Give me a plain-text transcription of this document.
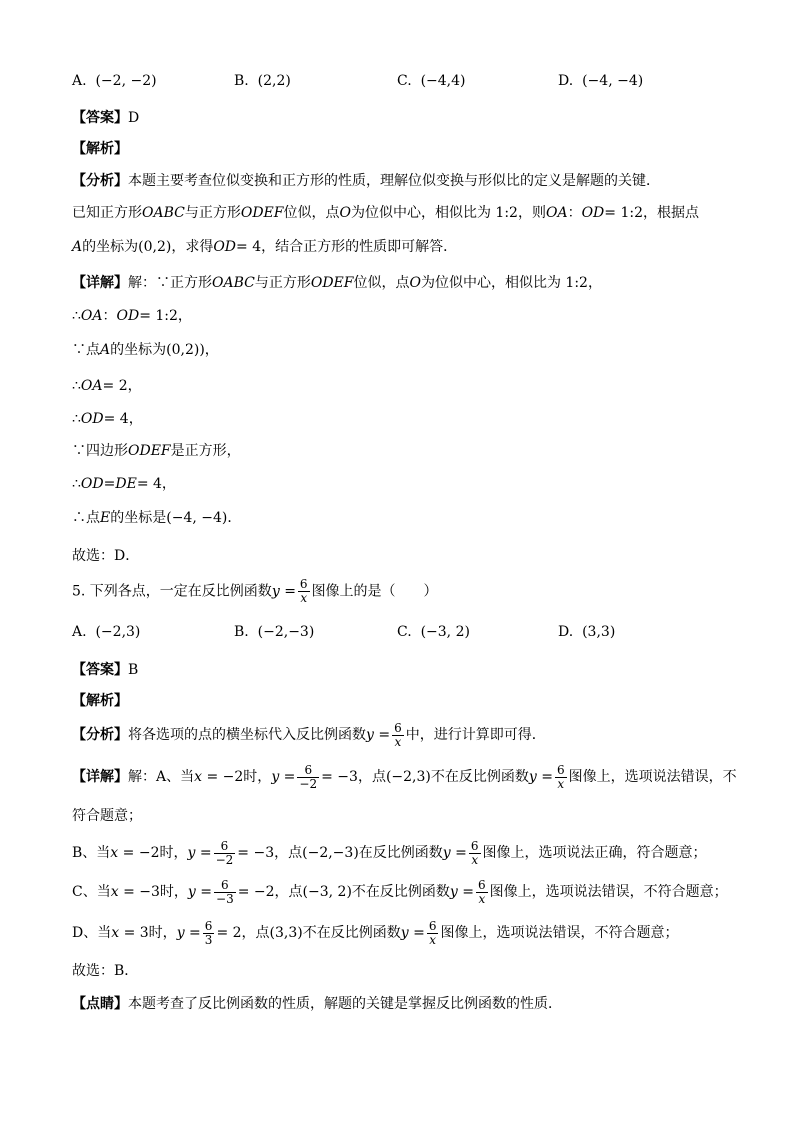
A. (−2, −2)	B. (2,2)	C. (−4,4)	D. (−4, −4)
【答案】D
【解析】
【分析】本题主要考查位似变换和正方形的性质，理解位似变换与形似比的定义是解题的关键．
已知正方形OABC与正方形ODEF位似，点O为位似中心，相似比为 1:2，则OA：OD= 1:2，根据点
A的坐标为(0,2)，求得OD= 4，结合正方形的性质即可解答．
【详解】解：∵正方形OABC与正方形ODEF位似，点O为位似中心，相似比为 1:2，
∴OA：OD= 1:2，
∵点A的坐标为(0,2))，
∴OA= 2，
∴OD= 4，
∵四边形ODEF是正方形，
∴OD=DE= 4，
∴点E的坐标是(−4, −4)．
故选：D．
5. 下列各点，一定在反比例函数$y = \frac{6}{x}$ 图像上的是（　　）
A. (−2,3)	B. (−2,−3)	C. (−3, 2)	D. (3,3)
【答案】B
【解析】
【分析】将各选项的点的横坐标代入反比例函数$y = \frac{6}{x}$ 中，进行计算即可得．
【详解】解：A、当x = −2时，$y = \frac{6}{-2} = -3$，点(−2,3)不在反比例函数$y = \frac{6}{x}$ 图像上，选项说法错误，不
符合题意；
B、当x = −2时，$y = \frac{6}{-2} = -3$，点(−2,−3)在反比例函数$y = \frac{6}{x}$ 图像上，选项说法正确，符合题意；
C、当x = −3时，$y = \frac{6}{-3} = -2$，点(−3, 2)不在反比例函数$y = \frac{6}{x}$ 图像上，选项说法错误，不符合题意；
D、当x = 3时，$y = \frac{6}{3} = 2$，点(3,3)不在反比例函数$y = \frac{6}{x}$ 图像上，选项说法错误，不符合题意；
故选：B．
【点睛】本题考查了反比例函数的性质，解题的关键是掌握反比例函数的性质．
